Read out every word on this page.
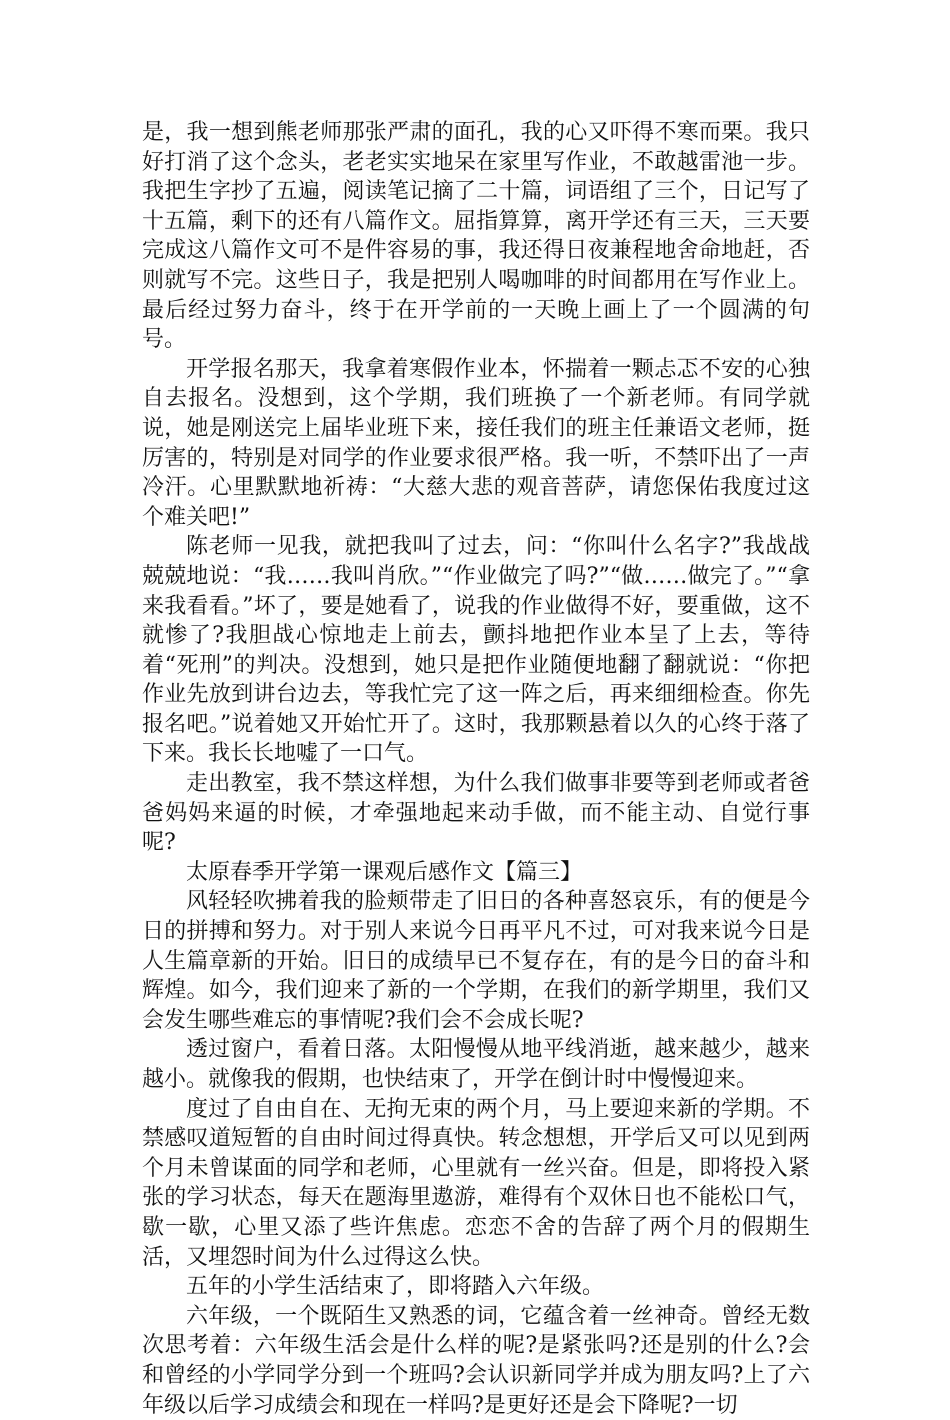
是，我一想到熊老师那张严肃的面孔，我的心又吓得不寒而栗。我只好打消了这个念头，老老实实地呆在家里写作业，不敢越雷池一步。我把生字抄了五遍，阅读笔记摘了二十篇，词语组了三个，日记写了十五篇，剩下的还有八篇作文。屈指算算，离开学还有三天，三天要完成这八篇作文可不是件容易的事，我还得日夜兼程地舍命地赶，否则就写不完。这些日子，我是把别人喝咖啡的时间都用在写作业上。最后经过努力奋斗，终于在开学前的一天晚上画上了一个圆满的句号。

开学报名那天，我拿着寒假作业本，怀揣着一颗忐忑不安的心独自去报名。没想到，这个学期，我们班换了一个新老师。有同学就说，她是刚送完上届毕业班下来，接任我们的班主任兼语文老师，挺厉害的，特别是对同学的作业要求很严格。我一听，不禁吓出了一声冷汗。心里默默地祈祷：“大慈大悲的观音菩萨，请您保佑我度过这个难关吧!”

陈老师一见我，就把我叫了过去，问：“你叫什么名字?”我战战兢兢地说：“我……我叫肖欣。”“作业做完了吗?”“做……做完了。”“拿来我看看。”坏了，要是她看了，说我的作业做得不好，要重做，这不就惨了?我胆战心惊地走上前去，颤抖地把作业本呈了上去，等待着“死刑”的判决。没想到，她只是把作业随便地翻了翻就说：“你把作业先放到讲台边去，等我忙完了这一阵之后，再来细细检查。你先报名吧。”说着她又开始忙开了。这时，我那颗悬着以久的心终于落了下来。我长长地嘘了一口气。

走出教室，我不禁这样想，为什么我们做事非要等到老师或者爸爸妈妈来逼的时候，才牵强地起来动手做，而不能主动、自觉行事呢?

太原春季开学第一课观后感作文【篇三】

风轻轻吹拂着我的脸颊带走了旧日的各种喜怒哀乐，有的便是今日的拼搏和努力。对于别人来说今日再平凡不过，可对我来说今日是人生篇章新的开始。旧日的成绩早已不复存在，有的是今日的奋斗和辉煌。如今，我们迎来了新的一个学期，在我们的新学期里，我们又会发生哪些难忘的事情呢?我们会不会成长呢?

透过窗户，看着日落。太阳慢慢从地平线消逝，越来越少，越来越小。就像我的假期，也快结束了，开学在倒计时中慢慢迎来。

度过了自由自在、无拘无束的两个月，马上要迎来新的学期。不禁感叹道短暂的自由时间过得真快。转念想想，开学后又可以见到两个月未曾谋面的同学和老师，心里就有一丝兴奋。但是，即将投入紧张的学习状态，每天在题海里遨游，难得有个双休日也不能松口气，歇一歇，心里又添了些许焦虑。恋恋不舍的告辞了两个月的假期生活，又埋怨时间为什么过得这么快。

五年的小学生活结束了，即将踏入六年级。

六年级，一个既陌生又熟悉的词，它蕴含着一丝神奇。曾经无数次思考着：六年级生活会是什么样的呢?是紧张吗?还是别的什么?会和曾经的小学同学分到一个班吗?会认识新同学并成为朋友吗?上了六年级以后学习成绩会和现在一样吗?是更好还是会下降呢?一切
